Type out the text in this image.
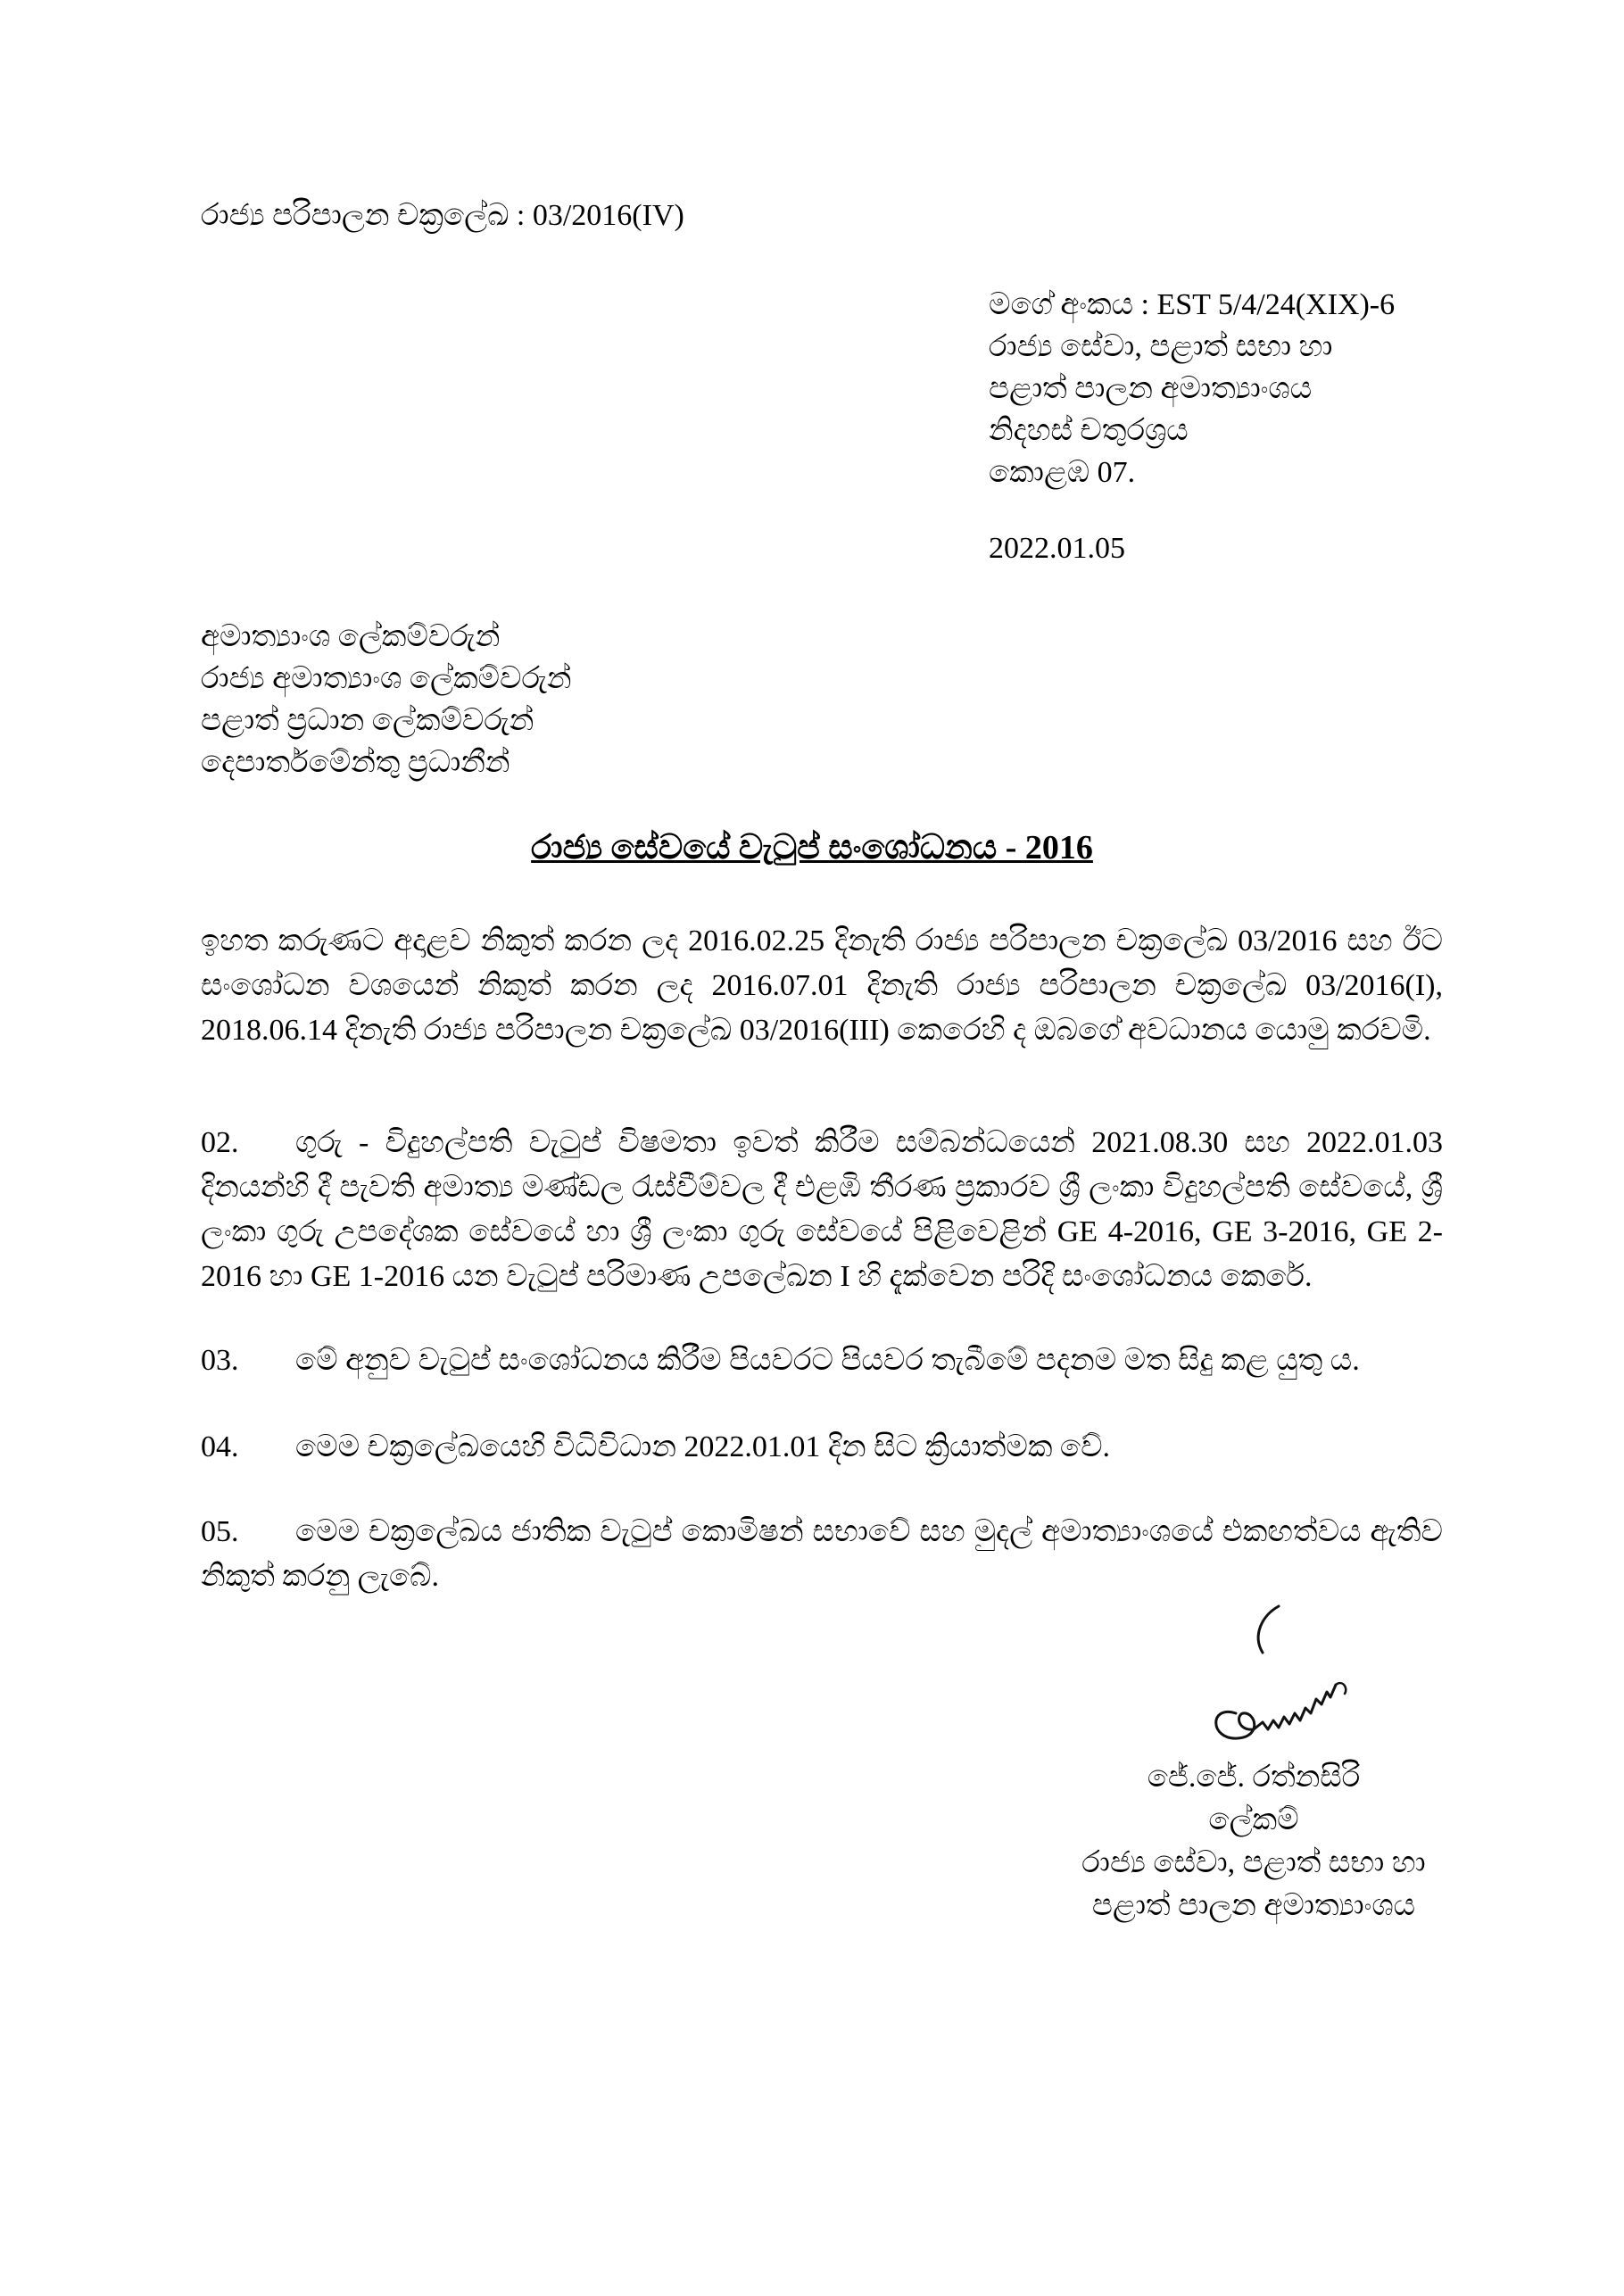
රාජ්‍ය පරිපාලන චක්‍රලේඛ : 03/2016(IV)
මගේ අංකය : EST 5/4/24(XIX)-6
රාජ්‍ය සේවා, පළාත් සභා හා
පළාත් පාලන අමාත්‍යාංශය
නිදහස් චතුරශ්‍රය
කොළඹ 07.
2022.01.05
අමාත්‍යාංශ ලේකම්වරුන්
රාජ්‍ය අමාත්‍යාංශ ලේකම්වරුන්
පළාත් ප්‍රධාන ලේකම්වරුන්
දෙපාර්තමේන්තු ප්‍රධානීන්
රාජ්‍ය සේවයේ වැටුප් සංශෝධනය - 2016
ඉහත කරුණට අදාළව නිකුත් කරන ලද 2016.02.25 දිනැති රාජ්‍ය පරිපාලන චක්‍රලේඛ 03/2016 සහ ඊට සංශෝධන වශයෙන් නිකුත් කරන ලද 2016.07.01 දිනැති රාජ්‍ය පරිපාලන චක්‍රලේඛ 03/2016(I), 2018.06.14 දිනැති රාජ්‍ය පරිපාලන චක්‍රලේඛ 03/2016(III) කෙරෙහි ද ඔබගේ අවධානය යොමු කරවමි.
02. ගුරු - විදුහල්පති වැටුප් විෂමතා ඉවත් කිරීම සම්බන්ධයෙන් 2021.08.30 සහ 2022.01.03 දිනයන්හි දී පැවති අමාත්‍ය මණ්ඩල රැස්වීම්වල දී එළඹි තීරණ ප්‍රකාරව ශ්‍රී ලංකා විදුහල්පති සේවයේ, ශ්‍රී ලංකා ගුරු උපදේශක සේවයේ හා ශ්‍රී ලංකා ගුරු සේවයේ පිළිවෙළින් GE 4-2016, GE 3-2016, GE 2-2016 හා GE 1-2016 යන වැටුප් පරිමාණ උපලේඛන I හි දැක්වෙන පරිදි සංශෝධනය කෙරේ.
03. මේ අනුව වැටුප් සංශෝධනය කිරීම පියවරට පියවර තැබීමේ පදනම මත සිදු කළ යුතු ය.
04. මෙම චක්‍රලේඛයෙහි විධිවිධාන 2022.01.01 දින සිට ක්‍රියාත්මක වේ.
05. මෙම චක්‍රලේඛය ජාතික වැටුප් කොමිෂන් සභාවේ සහ මුදල් අමාත්‍යාංශයේ එකඟත්වය ඇතිව නිකුත් කරනු ලැබේ.
ජේ.ජේ. රත්නසිරි
ලේකම්
රාජ්‍ය සේවා, පළාත් සභා හා
පළාත් පාලන අමාත්‍යාංශය
